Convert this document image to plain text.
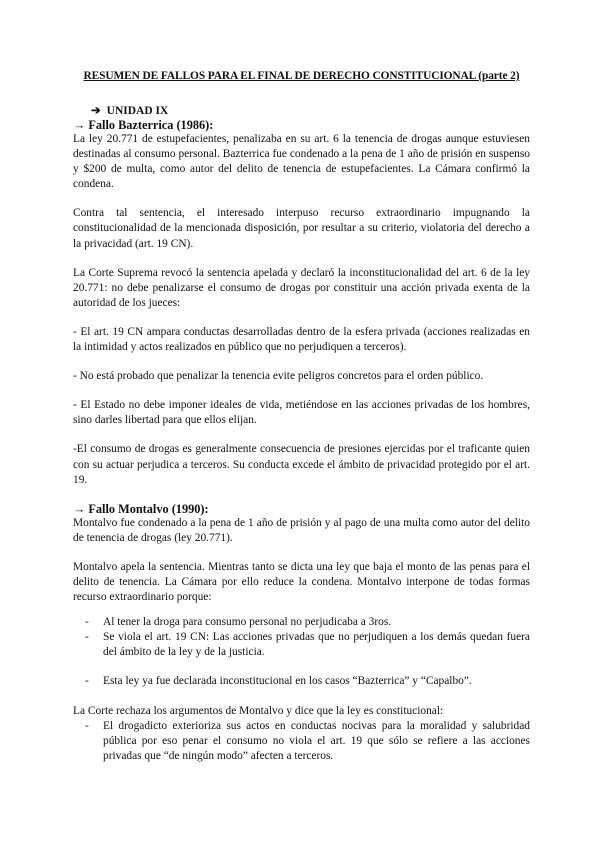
RESUMEN DE FALLOS PARA EL FINAL DE DERECHO CONSTITUCIONAL (parte 2)
➔ UNIDAD IX
→ Fallo Bazterrica (1986):

La ley 20.771 de estupefacientes, penalizaba en su art. 6 la tenencia de drogas aunque estuviesen destinadas al consumo personal. Bazterrica fue condenado a la pena de 1 año de prisión en suspenso y $200 de multa, como autor del delito de tenencia de estupefacientes. La Cámara confirmó la condena.

Contra tal sentencia, el interesado interpuso recurso extraordinario impugnando la constitucionalidad de la mencionada disposición, por resultar a su criterio, violatoria del derecho a la privacidad (art. 19 CN).

La Corte Suprema revocó la sentencia apelada y declaró la inconstitucionalidad del art. 6 de la ley 20.771: no debe penalizarse el consumo de drogas por constituir una acción privada exenta de la autoridad de los jueces:

- El art. 19 CN ampara conductas desarrolladas dentro de la esfera privada (acciones realizadas en la intimidad y actos realizados en público que no perjudiquen a terceros).

- No está probado que penalizar la tenencia evite peligros concretos para el orden público.

- El Estado no debe imponer ideales de vida, metiéndose en las acciones privadas de los hombres, sino darles libertad para que ellos elijan.

-El consumo de drogas es generalmente consecuencia de presiones ejercidas por el traficante quien con su actuar perjudica a terceros. Su conducta excede el ámbito de privacidad protegido por el art. 19.

→ Fallo Montalvo (1990):

Montalvo fue condenado a la pena de 1 año de prisión y al pago de una multa como autor del delito de tenencia de drogas (ley 20.771).

Montalvo apela la sentencia. Mientras tanto se dicta una ley que baja el monto de las penas para el delito de tenencia. La Cámara por ello reduce la condena. Montalvo interpone de todas formas recurso extraordinario porque:

- Al tener la droga para consumo personal no perjudicaba a 3ros.
- Se viola el art. 19 CN: Las acciones privadas que no perjudiquen a los demás quedan fuera del ámbito de la ley y de la justicia.
- Esta ley ya fue declarada inconstitucional en los casos “Bazterrica” y “Capalbo”.

La Corte rechaza los argumentos de Montalvo y dice que la ley es constitucional:

- El drogadicto exterioriza sus actos en conductas nocivas para la moralidad y salubridad pública por eso penar el consumo no viola el art. 19 que sólo se refiere a las acciones privadas que “de ningún modo” afecten a terceros.
